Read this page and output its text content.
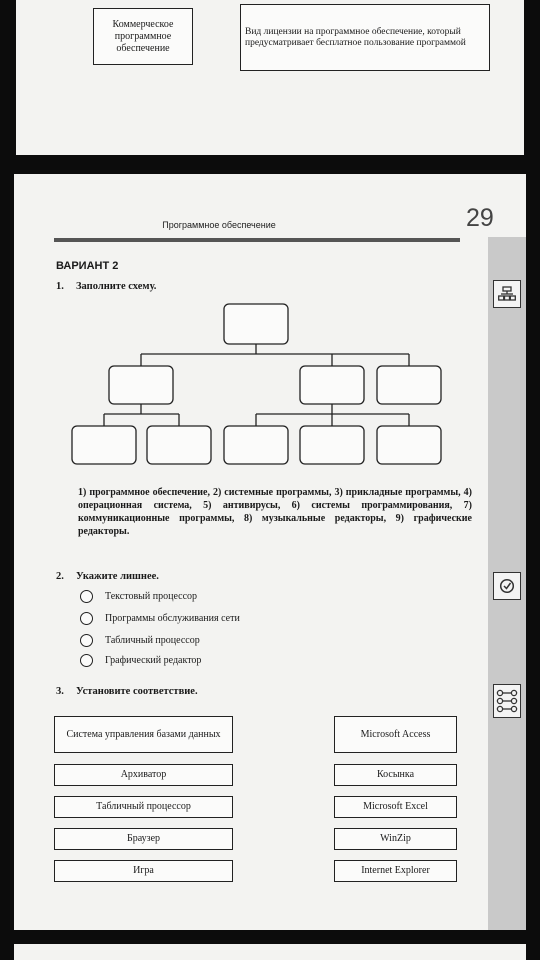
Коммерческое программное обеспечение
Вид лицензии на программное обеспечение, который предусматривает бесплатное пользование программой
Программное обеспечение	29
ВАРИАНТ 2
1. Заполните схему.
1) программное обеспечение, 2) системные программы, 3) прикладные программы, 4) операционная система, 5) антивирусы, 6) системы программирования, 7) коммуникационные программы, 8) музыкальные редакторы, 9) графические редакторы.
2. Укажите лишнее.
Текстовый процессор
Программы обслуживания сети
Табличный процессор
Графический редактор
3. Установите соответствие.
Система управления базами данных
Архиватор
Табличный процессор
Браузер
Игра
Microsoft Access
Косынка
Microsoft Excel
WinZip
Internet Explorer
